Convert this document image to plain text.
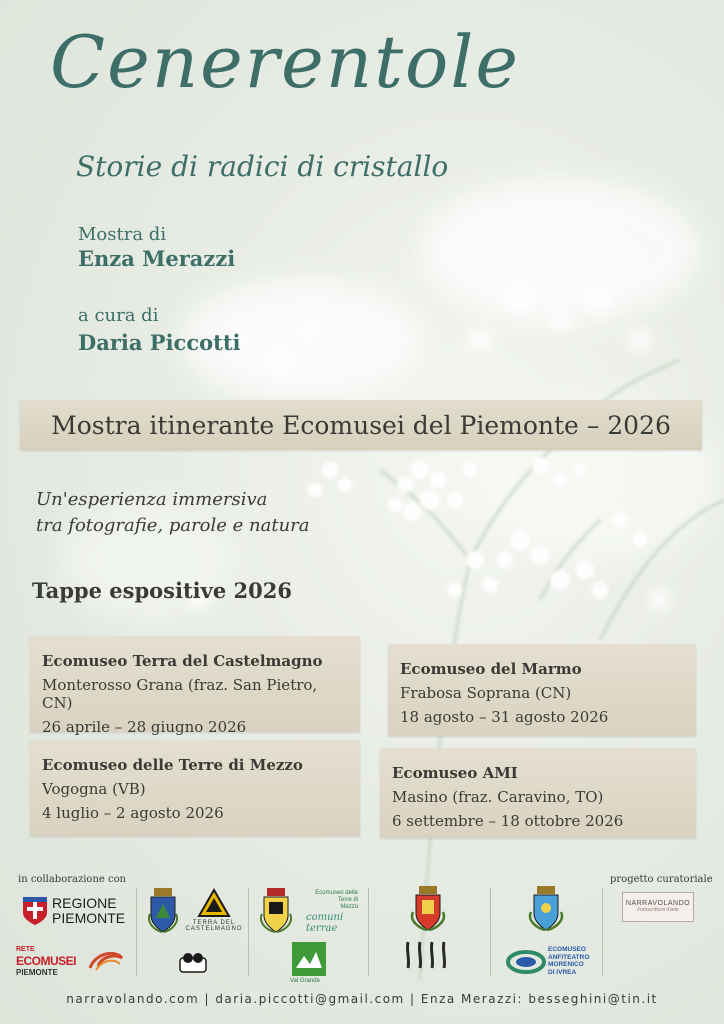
Cenerentole
Storie di radici di cristallo
Mostra di
Enza Merazzi
a cura di
Daria Piccotti
Mostra itinerante Ecomusei del Piemonte – 2026
Un'esperienza immersiva
tra fotografie, parole e natura
Tappe espositive 2026
Ecomuseo Terra del Castelmagno
Monterosso Grana (fraz. San Pietro, CN)
26 aprile – 28 giugno 2026
Ecomuseo delle Terre di Mezzo
Vogogna (VB)
4 luglio – 2 agosto 2026
Ecomuseo del Marmo
Frabosa Soprana (CN)
18 agosto – 31 agosto 2026
Ecomuseo AMI
Masino (fraz. Caravino, TO)
6 settembre – 18 ottobre 2026
in collaborazione con	progetto curatoriale
REGIONE
PIEMONTE
RETE
ECOMUSEI
PIEMONTE
TERRA DEL
CASTELMAGNO
Ecomuseo delle
Terre di
Mezzo
comuni
terrae
Val Grande
ECOMUSEO
ANFITEATRO
MORENICO
DI IVREA
NARRAVOLANDO
Fotoscrittura d'arte
narravolando.com | daria.piccotti@gmail.com | Enza Merazzi: besseghini@tin.it
